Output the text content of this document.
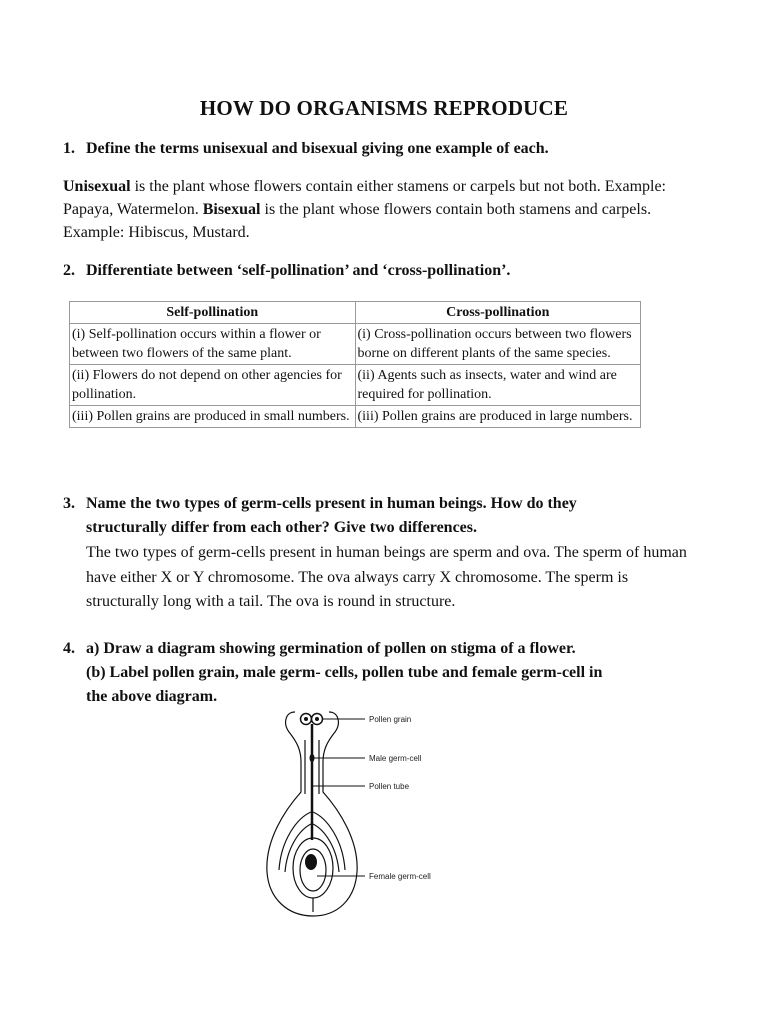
HOW DO ORGANISMS REPRODUCE
1. Define the terms unisexual and bisexual giving one example of each.
Unisexual is the plant whose flowers contain either stamens or carpels but not both. Example: Papaya, Watermelon. Bisexual is the plant whose flowers contain both stamens and carpels. Example: Hibiscus, Mustard.
2. Differentiate between ‘self-pollination’ and ‘cross-pollination’.
Self-pollination	Cross-pollination
(i) Self-pollination occurs within a flower or between two flowers of the same plant.	(i) Cross-pollination occurs between two flowers borne on different plants of the same species.
(ii) Flowers do not depend on other agencies for pollination.	(ii) Agents such as insects, water and wind are required for pollination.
(iii) Pollen grains are produced in small numbers.	(iii) Pollen grains are produced in large numbers.
3. Name the two types of germ-cells present in human beings. How do they
structurally differ from each other? Give two differences.
The two types of germ-cells present in human beings are sperm and ova. The sperm of human have either X or Y chromosome. The ova always carry X chromosome. The sperm is structurally long with a tail. The ova is round in structure.
4. a) Draw a diagram showing germination of pollen on stigma of a flower.
(b) Label pollen grain, male germ- cells, pollen tube and female germ-cell in
the above diagram.
Pollen grain
Male germ-cell
Pollen tube
Female germ-cell
